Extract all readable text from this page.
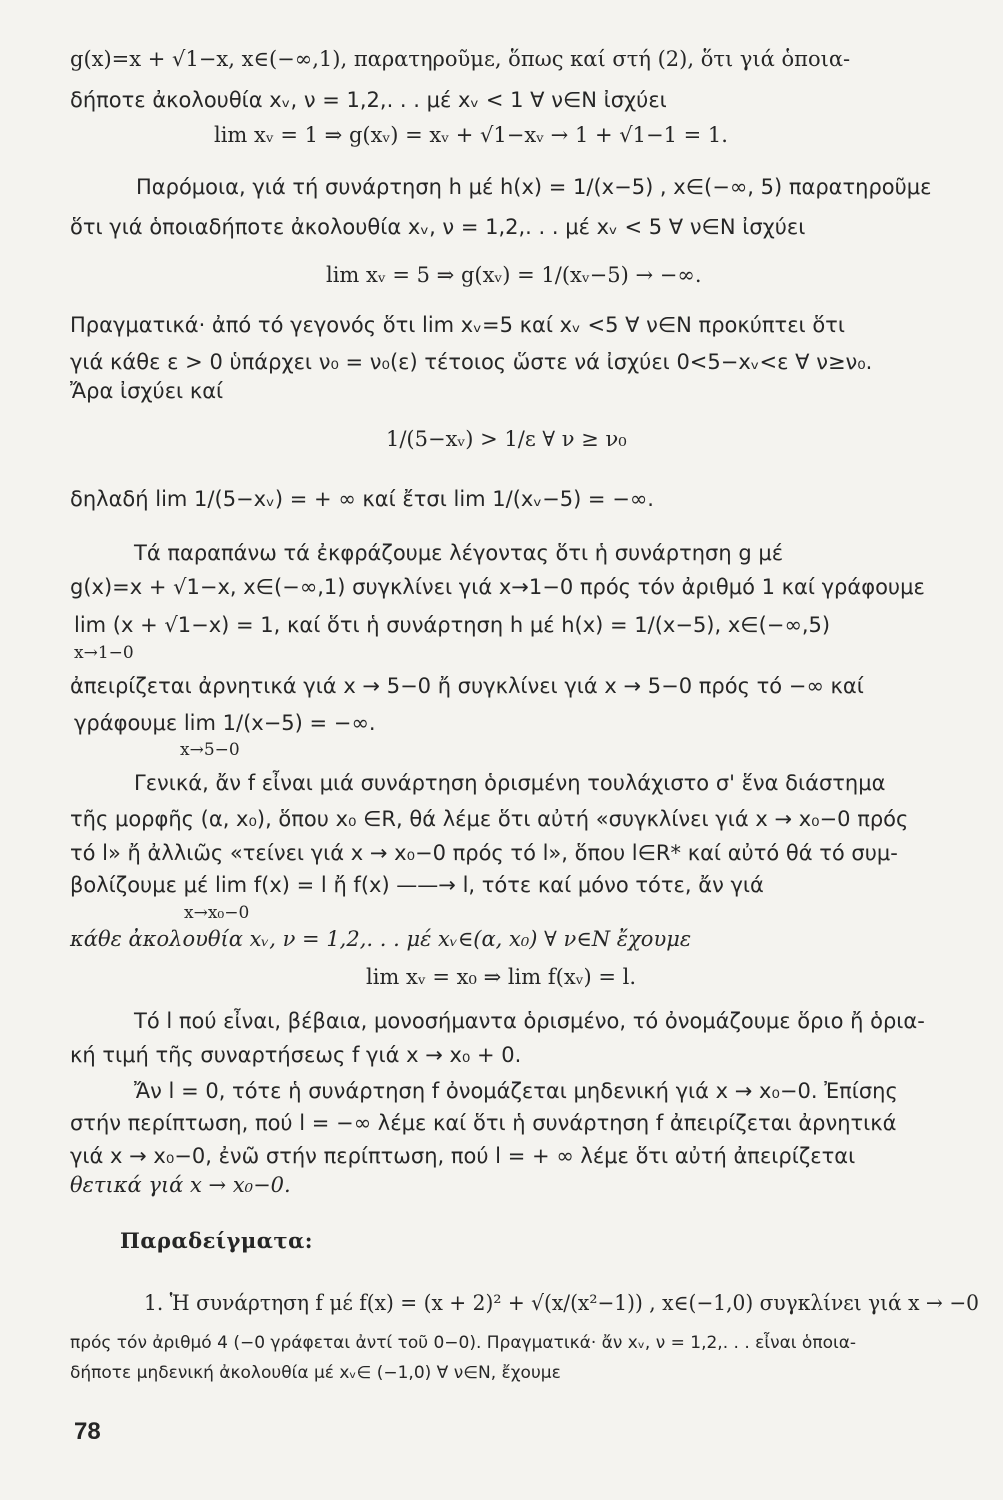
g(x)=x + √1−x, x∈(−∞,1), παρατηροῦμε, ὅπως καί στή (2), ὅτι γιά ὁποια-
δήποτε ἀκολουθία xᵥ, ν = 1,2,. . . μέ xᵥ < 1 ∀ ν∈N ἰσχύει
lim xᵥ = 1 ⇒ g(xᵥ) = xᵥ + √1−xᵥ → 1 + √1−1 = 1.
Παρόμοια, γιά τή συνάρτηση h μέ h(x) = 1/(x−5) , x∈(−∞, 5) παρατηροῦμε
ὅτι γιά ὁποιαδήποτε ἀκολουθία xᵥ, ν = 1,2,. . . μέ xᵥ < 5 ∀ ν∈N ἰσχύει
lim xᵥ = 5 ⇒ g(xᵥ) = 1/(xᵥ−5) → −∞.
Πραγματικά· ἀπό τό γεγονός ὅτι lim xᵥ=5 καί xᵥ <5 ∀ ν∈N προκύπτει ὅτι
γιά κάθε ε > 0 ὑπάρχει ν₀ = ν₀(ε) τέτοιος ὥστε νά ἰσχύει 0<5−xᵥ<ε ∀ ν≥ν₀.
Ἄρα ἰσχύει καί
1/(5−xᵥ) > 1/ε ∀ ν ≥ ν₀
δηλαδή lim 1/(5−xᵥ) = + ∞ καί ἔτσι lim 1/(xᵥ−5) = −∞.
Τά παραπάνω τά ἐκφράζουμε λέγοντας ὅτι ἡ συνάρτηση g μέ
g(x)=x + √1−x, x∈(−∞,1) συγκλίνει γιά x→1−0 πρός τόν ἀριθμό 1 καί γράφουμε
lim (x + √1−x) = 1, καί ὅτι ἡ συνάρτηση h μέ h(x) = 1/(x−5), x∈(−∞,5)
x→1−0
ἀπειρίζεται ἀρνητικά γιά x → 5−0 ἤ συγκλίνει γιά x → 5−0 πρός τό −∞ καί
γράφουμε lim 1/(x−5) = −∞.
x→5−0
Γενικά, ἄν f εἶναι μιά συνάρτηση ὁρισμένη τουλάχιστο σ' ἕνα διάστημα
τῆς μορφῆς (α, x₀), ὅπου x₀ ∈R, θά λέμε ὅτι αὐτή «συγκλίνει γιά x → x₀−0 πρός
τό l» ἤ ἀλλιῶς «τείνει γιά x → x₀−0 πρός τό l», ὅπου l∈R* καί αὐτό θά τό συμ-
βολίζουμε μέ lim f(x) = l ἤ f(x) ——→ l, τότε καί μόνο τότε, ἄν γιά
x→x₀−0
κάθε ἀκολουθία xᵥ, ν = 1,2,. . . μέ xᵥ∈(α, x₀) ∀ ν∈N ἔχουμε
lim xᵥ = x₀ ⇒ lim f(xᵥ) = l.
Τό l πού εἶναι, βέβαια, μονοσήμαντα ὁρισμένο, τό ὀνομάζουμε ὅριο ἤ ὁρια-
κή τιμή τῆς συναρτήσεως f γιά x → x₀ + 0.
Ἄν l = 0, τότε ἡ συνάρτηση f ὀνομάζεται μηδενική γιά x → x₀−0. Ἐπίσης
στήν περίπτωση, πού l = −∞ λέμε καί ὅτι ἡ συνάρτηση f ἀπειρίζεται ἀρνητικά
γιά x → x₀−0, ἐνῶ στήν περίπτωση, πού l = + ∞ λέμε ὅτι αὐτή ἀπειρίζεται
θετικά γιά x → x₀−0.
Παραδείγματα:
1. Ἡ συνάρτηση f μέ f(x) = (x + 2)² + √(x/(x²−1)) , x∈(−1,0) συγκλίνει γιά x → −0
πρός τόν ἀριθμό 4 (−0 γράφεται ἀντί τοῦ 0−0). Πραγματικά· ἄν xᵥ, ν = 1,2,. . . εἶναι ὁποια-
δήποτε μηδενική ἀκολουθία μέ xᵥ∈ (−1,0) ∀ ν∈N, ἔχουμε
78
